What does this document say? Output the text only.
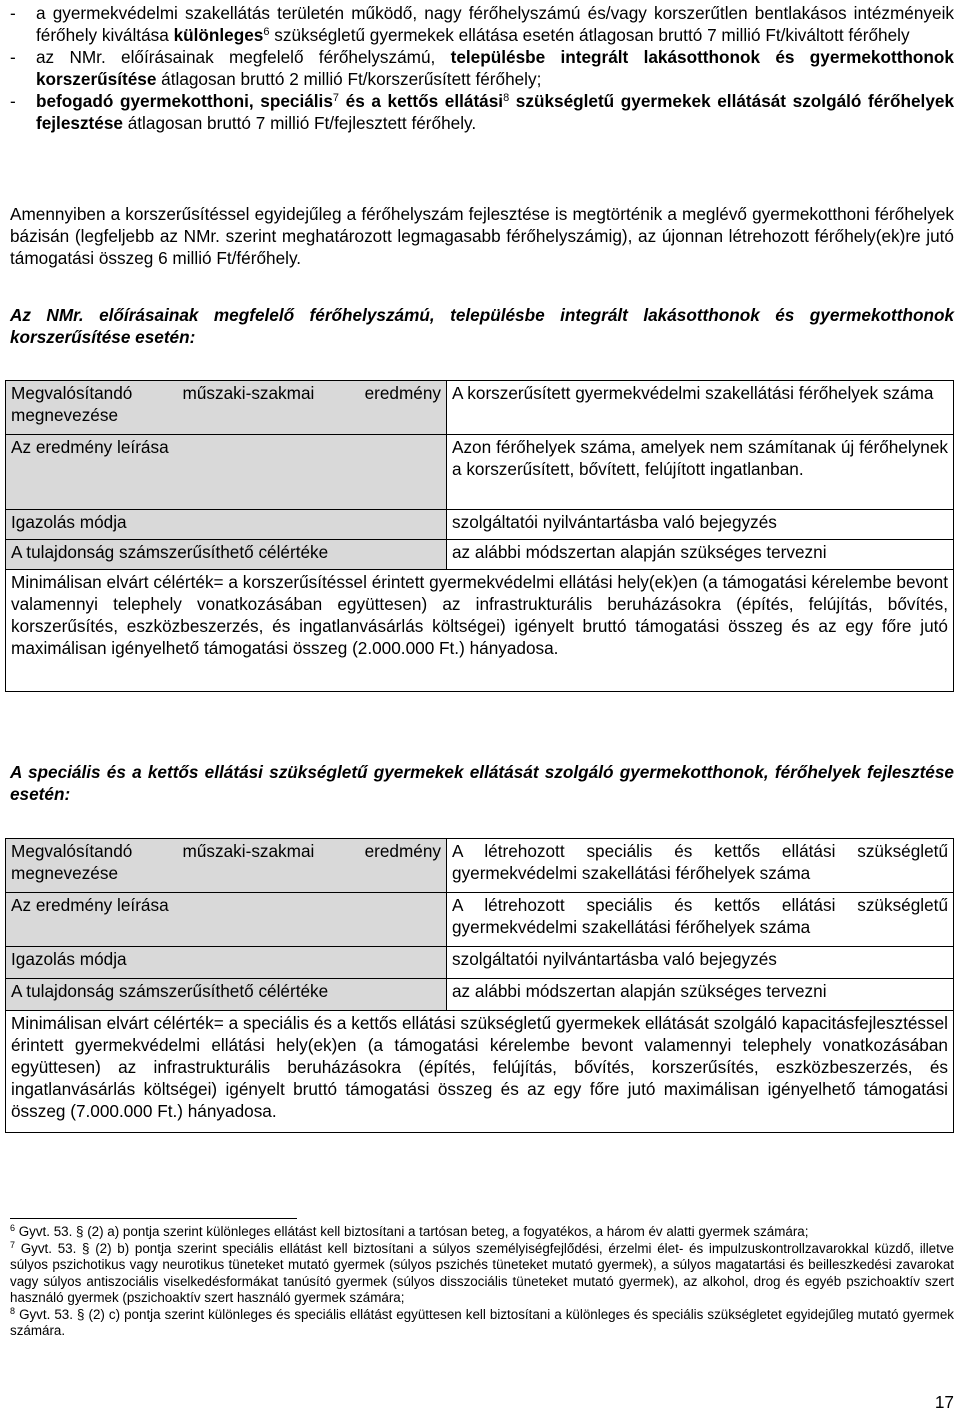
-	a gyermekvédelmi szakellátás területén működő, nagy férőhelyszámú és/vagy korszerűtlen bentlakásos intézményeik férőhely kiváltása különleges$^6$ szükségletű gyermekek ellátása esetén átlagosan bruttó 7 millió Ft/kiváltott férőhely
-	az NMr. előírásainak megfelelő férőhelyszámú, településbe integrált lakásotthonok és gyermekotthonok korszerűsítése átlagosan bruttó 2 millió Ft/korszerűsített férőhely;
-	befogadó gyermekotthoni, speciális$^7$ és a kettős ellátási$^8$ szükségletű gyermekek ellátását szolgáló férőhelyek fejlesztése átlagosan bruttó 7 millió Ft/fejlesztett férőhely.

Amennyiben a korszerűsítéssel egyidejűleg a férőhelyszám fejlesztése is megtörténik a meglévő gyermekotthoni férőhelyek bázisán (legfeljebb az NMr. szerint meghatározott legmagasabb férőhelyszámig), az újonnan létrehozott férőhely(ek)re jutó támogatási összeg 6 millió Ft/férőhely.

Az NMr. előírásainak megfelelő férőhelyszámú, településbe integrált lakásotthonok és gyermekotthonok korszerűsítése esetén:

Megvalósítandó műszaki-szakmai eredmény megnevezése	A korszerűsített gyermekvédelmi szakellátási férőhelyek száma
Az eredmény leírása	Azon férőhelyek száma, amelyek nem számítanak új férőhelynek a korszerűsített, bővített, felújított ingatlanban.
Igazolás módja	szolgáltatói nyilvántartásba való bejegyzés
A tulajdonság számszerűsíthető célértéke	az alábbi módszertan alapján szükséges tervezni
Minimálisan elvárt célérték= a korszerűsítéssel érintett gyermekvédelmi ellátási hely(ek)en (a támogatási kérelembe bevont valamennyi telephely vonatkozásában együttesen) az infrastrukturális beruházásokra (építés, felújítás, bővítés, korszerűsítés, eszközbeszerzés, és ingatlanvásárlás költségei) igényelt bruttó támogatási összeg és az egy főre jutó maximálisan igényelhető támogatási összeg (2.000.000 Ft.) hányadosa.	

A speciális és a kettős ellátási szükségletű gyermekek ellátását szolgáló gyermekotthonok, férőhelyek fejlesztése esetén:

Megvalósítandó műszaki-szakmai eredmény megnevezése	A létrehozott speciális és kettős ellátási szükségletű gyermekvédelmi szakellátási férőhelyek száma
Az eredmény leírása	A létrehozott speciális és kettős ellátási szükségletű gyermekvédelmi szakellátási férőhelyek száma
Igazolás módja	szolgáltatói nyilvántartásba való bejegyzés
A tulajdonság számszerűsíthető célértéke	az alábbi módszertan alapján szükséges tervezni
Minimálisan elvárt célérték= a speciális és a kettős ellátási szükségletű gyermekek ellátását szolgáló kapacitásfejlesztéssel érintett gyermekvédelmi ellátási hely(ek)en (a támogatási kérelembe bevont valamennyi telephely vonatkozásában együttesen) az infrastrukturális beruházásokra (építés, felújítás, bővítés, korszerűsítés, eszközbeszerzés, és ingatlanvásárlás költségei) igényelt bruttó támogatási összeg és az egy főre jutó maximálisan igényelhető támogatási összeg (7.000.000 Ft.) hányadosa.	

$^6$ Gyvt. 53. § (2) a) pontja szerint különleges ellátást kell biztosítani a tartósan beteg, a fogyatékos, a három év alatti gyermek számára;

$^7$ Gyvt. 53. § (2) b) pontja szerint speciális ellátást kell biztosítani a súlyos személyiségfejlődési, érzelmi élet- és impulzuskontrollzavarokkal küzdő, illetve súlyos pszichotikus vagy neurotikus tüneteket mutató gyermek (súlyos pszichés tüneteket mutató gyermek), a súlyos magatartási és beilleszkedési zavarokat vagy súlyos antiszociális viselkedésformákat tanúsító gyermek (súlyos disszociális tüneteket mutató gyermek), az alkohol, drog és egyéb pszichoaktív szert használó gyermek (pszichoaktív szert használó gyermek számára;

$^8$ Gyvt. 53. § (2) c) pontja szerint különleges és speciális ellátást együttesen kell biztosítani a különleges és speciális szükségletet egyidejűleg mutató gyermek számára.

17
